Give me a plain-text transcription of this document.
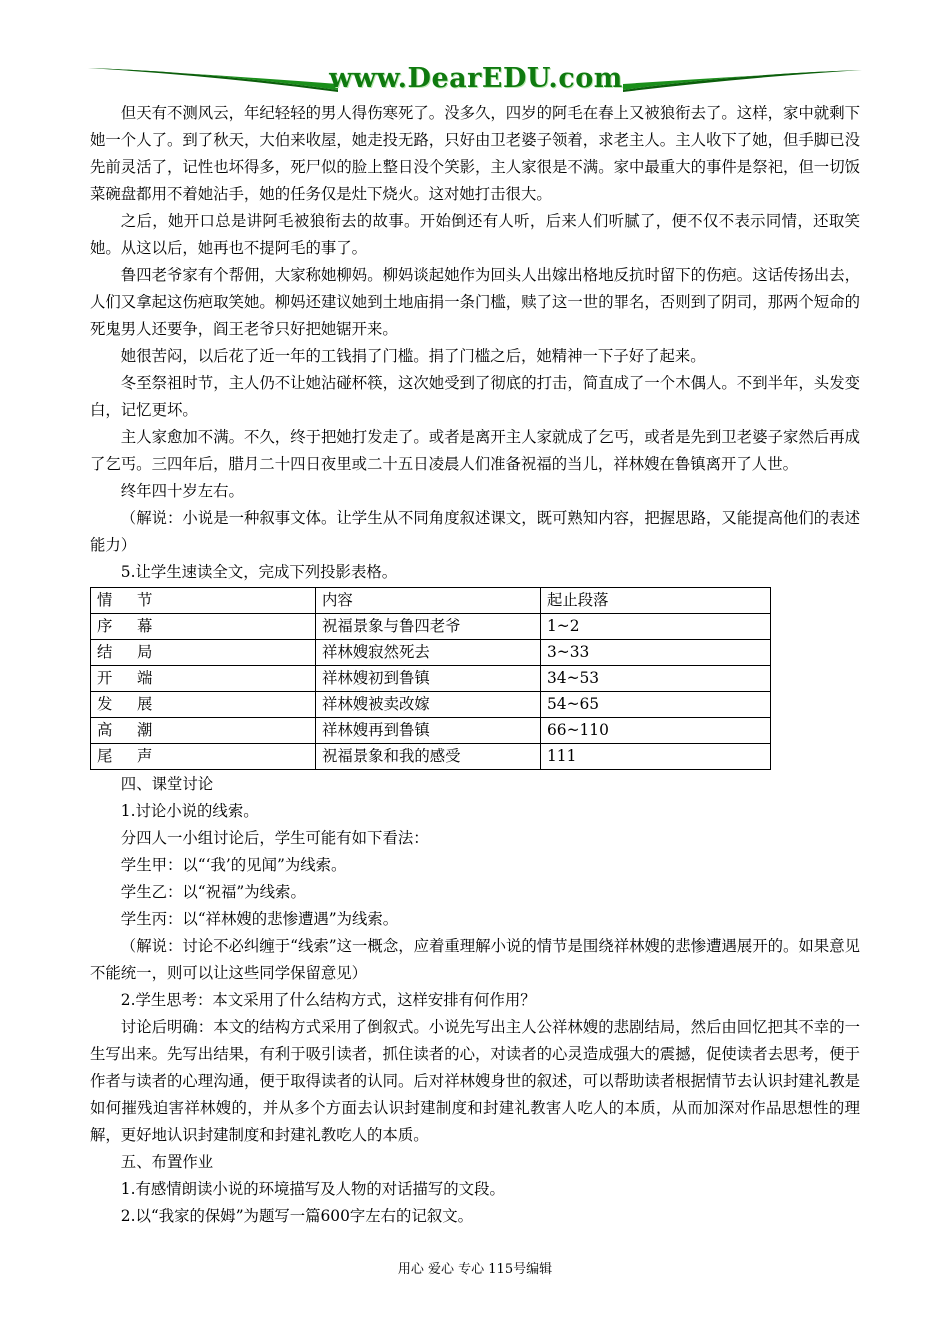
www.DearEDU.com

但天有不测风云，年纪轻轻的男人得伤寒死了。没多久，四岁的阿毛在春上又被狼衔去了。这样，家中就剩下她一个人了。到了秋天，大伯来收屋，她走投无路，只好由卫老婆子领着，求老主人。主人收下了她，但手脚已没先前灵活了，记性也坏得多，死尸似的脸上整日没个笑影，主人家很是不满。家中最重大的事件是祭祀，但一切饭菜碗盘都用不着她沾手，她的任务仅是灶下烧火。这对她打击很大。

之后，她开口总是讲阿毛被狼衔去的故事。开始倒还有人听，后来人们听腻了，便不仅不表示同情，还取笑她。从这以后，她再也不提阿毛的事了。

鲁四老爷家有个帮佣，大家称她柳妈。柳妈谈起她作为回头人出嫁出格地反抗时留下的伤疤。这话传扬出去，人们又拿起这伤疤取笑她。柳妈还建议她到土地庙捐一条门槛，赎了这一世的罪名，否则到了阴司，那两个短命的死鬼男人还要争，阎王老爷只好把她锯开来。

她很苦闷，以后花了近一年的工钱捐了门槛。捐了门槛之后，她精神一下子好了起来。

冬至祭祖时节，主人仍不让她沾碰杯筷，这次她受到了彻底的打击，简直成了一个木偶人。不到半年，头发变白，记忆更坏。

主人家愈加不满。不久，终于把她打发走了。或者是离开主人家就成了乞丐，或者是先到卫老婆子家然后再成了乞丐。三四年后，腊月二十四日夜里或二十五日凌晨人们准备祝福的当儿，祥林嫂在鲁镇离开了人世。

终年四十岁左右。

（解说：小说是一种叙事文体。让学生从不同角度叙述课文，既可熟知内容，把握思路，又能提高他们的表述能力）

5.让学生速读全文，完成下列投影表格。

情节	内容	起止段落
序幕	祝福景象与鲁四老爷	1~2
结局	祥林嫂寂然死去	3~33
开端	祥林嫂初到鲁镇	34~53
发展	祥林嫂被卖改嫁	54~65
高潮	祥林嫂再到鲁镇	66~110
尾声	祝福景象和我的感受	111

四、课堂讨论

1.讨论小说的线索。

分四人一小组讨论后，学生可能有如下看法：

学生甲：以“‘我’的见闻”为线索。

学生乙：以“祝福”为线索。

学生丙：以“祥林嫂的悲惨遭遇”为线索。

（解说：讨论不必纠缠于“线索”这一概念，应着重理解小说的情节是围绕祥林嫂的悲惨遭遇展开的。如果意见不能统一，则可以让这些同学保留意见）

2.学生思考：本文采用了什么结构方式，这样安排有何作用？

讨论后明确：本文的结构方式采用了倒叙式。小说先写出主人公祥林嫂的悲剧结局，然后由回忆把其不幸的一生写出来。先写出结果，有利于吸引读者，抓住读者的心，对读者的心灵造成强大的震撼，促使读者去思考，便于作者与读者的心理沟通，便于取得读者的认同。后对祥林嫂身世的叙述，可以帮助读者根据情节去认识封建礼教是如何摧残迫害祥林嫂的，并从多个方面去认识封建制度和封建礼教害人吃人的本质，从而加深对作品思想性的理解，更好地认识封建制度和封建礼教吃人的本质。

五、布置作业

1.有感情朗读小说的环境描写及人物的对话描写的文段。

2.以“我家的保姆”为题写一篇600字左右的记叙文。

用心 爱心 专心 115号编辑
